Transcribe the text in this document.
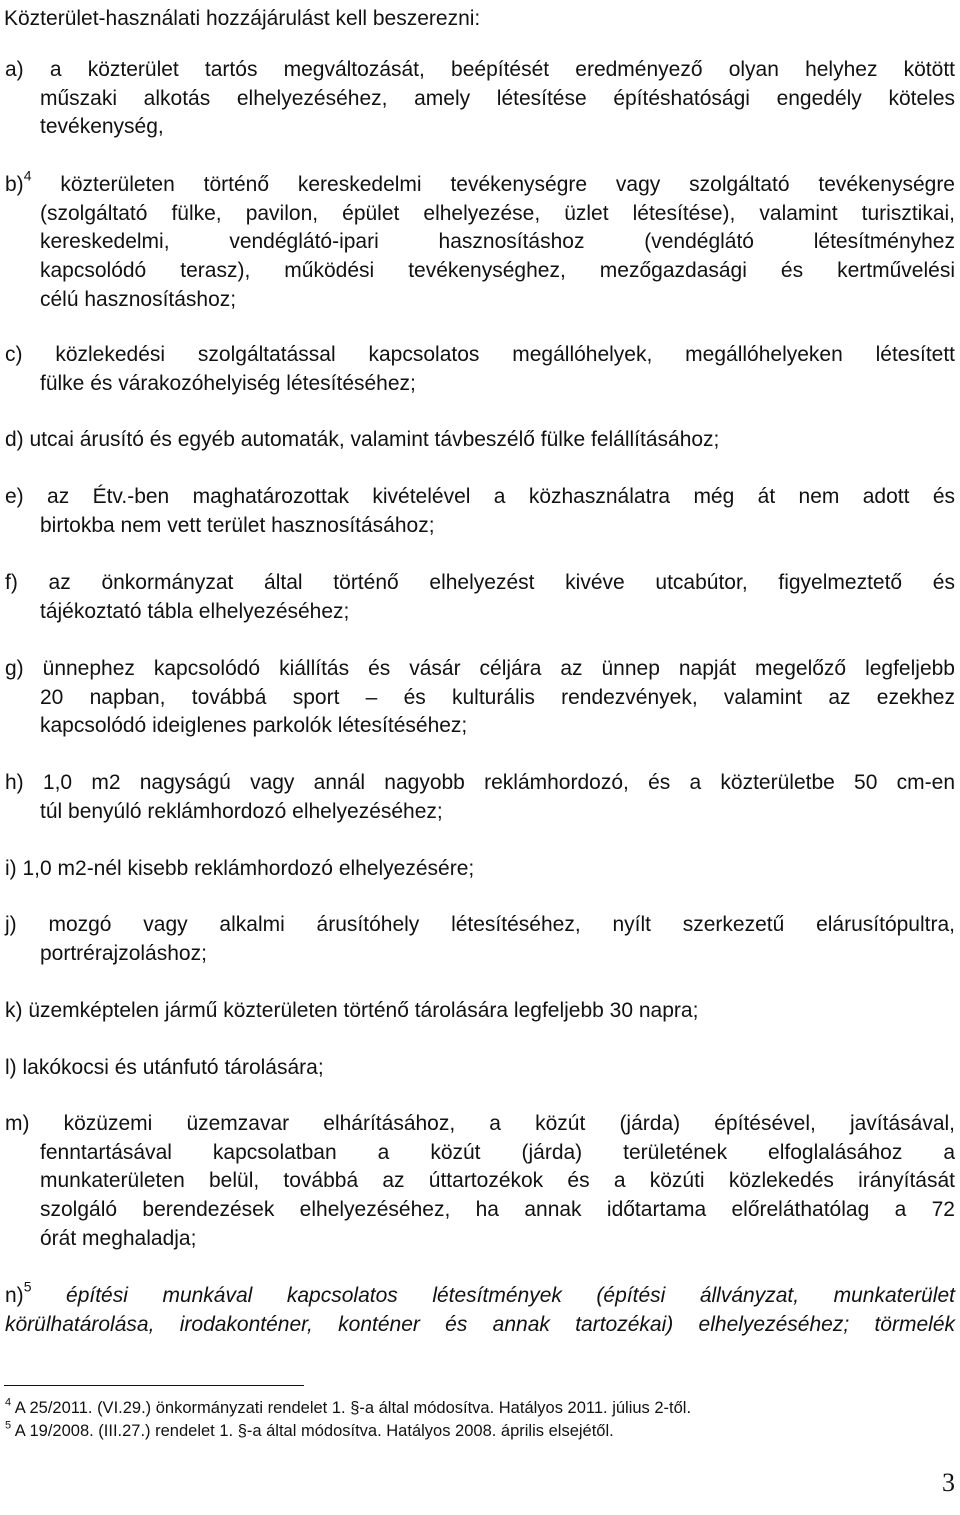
Közterület-használati hozzájárulást kell beszerezni:
a) a közterület tartós megváltozását, beépítését eredményező olyan helyhez kötött
műszaki alkotás elhelyezéséhez, amely létesítése építéshatósági engedély köteles
tevékenység,
b)$^4$ közterületen történő kereskedelmi tevékenységre vagy szolgáltató tevékenységre
(szolgáltató fülke, pavilon, épület elhelyezése, üzlet létesítése), valamint turisztikai,
kereskedelmi, vendéglátó-ipari hasznosításhoz (vendéglátó létesítményhez
kapcsolódó terasz), működési tevékenységhez, mezőgazdasági és kertművelési
célú hasznosításhoz;
c) közlekedési szolgáltatással kapcsolatos megállóhelyek, megállóhelyeken létesített
fülke és várakozóhelyiség létesítéséhez;
d) utcai árusító és egyéb automaták, valamint távbeszélő fülke felállításához;
e) az Étv.-ben maghatározottak kivételével a közhasználatra még át nem adott és
birtokba nem vett terület hasznosításához;
f) az önkormányzat által történő elhelyezést kivéve utcabútor, figyelmeztető és
tájékoztató tábla elhelyezéséhez;
g) ünnephez kapcsolódó kiállítás és vásár céljára az ünnep napját megelőző legfeljebb
20 napban, továbbá sport – és kulturális rendezvények, valamint az ezekhez
kapcsolódó ideiglenes parkolók létesítéséhez;
h) 1,0 m2 nagyságú vagy annál nagyobb reklámhordozó, és a közterületbe 50 cm-en
túl benyúló reklámhordozó elhelyezéséhez;
i) 1,0 m2-nél kisebb reklámhordozó elhelyezésére;
j) mozgó vagy alkalmi árusítóhely létesítéséhez, nyílt szerkezetű elárusítópultra,
portrérajzoláshoz;
k) üzemképtelen jármű közterületen történő tárolására legfeljebb 30 napra;
l) lakókocsi és utánfutó tárolására;
m) közüzemi üzemzavar elhárításához, a közút (járda) építésével, javításával,
fenntartásával kapcsolatban a közút (járda) területének elfoglalásához a
munkaterületen belül, továbbá az úttartozékok és a közúti közlekedés irányítását
szolgáló berendezések elhelyezéséhez, ha annak időtartama előreláthatólag a 72
órát meghaladja;
n)$^5$ építési munkával kapcsolatos létesítmények (építési állványzat, munkaterület
körülhatárolása, irodakonténer, konténer és annak tartozékai) elhelyezéséhez; törmelék
$^4$ A 25/2011. (VI.29.) önkormányzati rendelet 1. §-a által módosítva. Hatályos 2011. július 2-től.
$^5$ A 19/2008. (III.27.) rendelet 1. §-a által módosítva. Hatályos 2008. április elsejétől.
3
